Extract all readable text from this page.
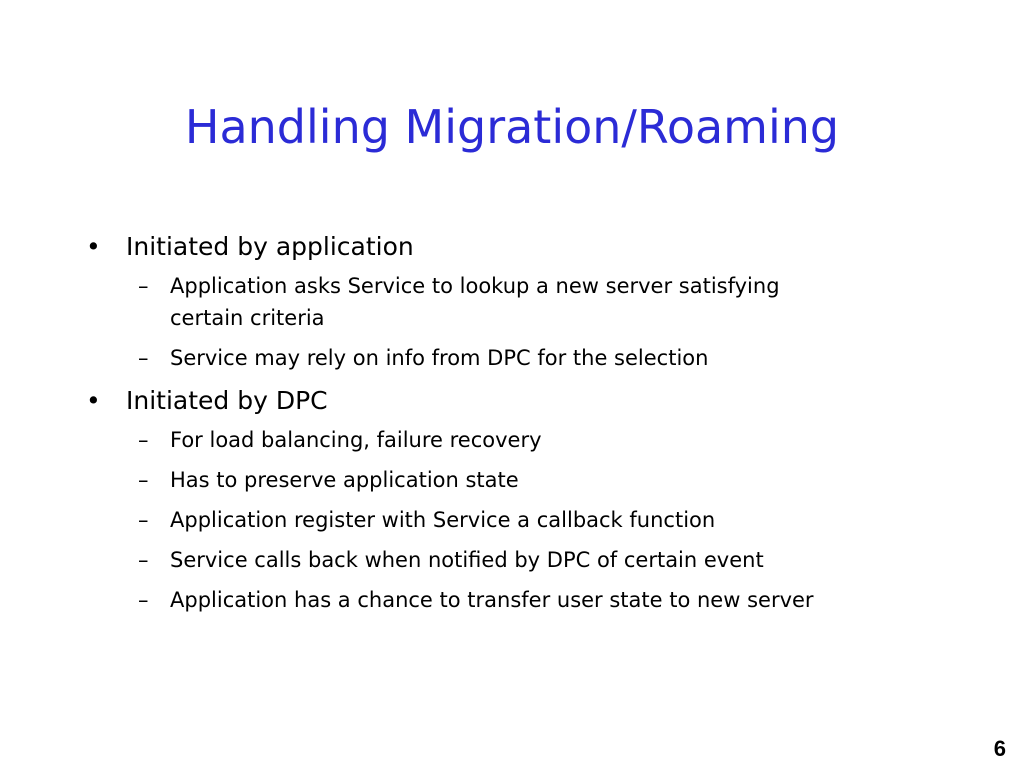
Handling Migration/Roaming
•	Initiated by application
– Application asks Service to lookup a new server satisfying certain criteria
– Service may rely on info from DPC for the selection
•	Initiated by DPC
– For load balancing, failure recovery
– Has to preserve application state
– Application register with Service a callback function
– Service calls back when notified by DPC of certain event
– Application has a chance to transfer user state to new server
6
